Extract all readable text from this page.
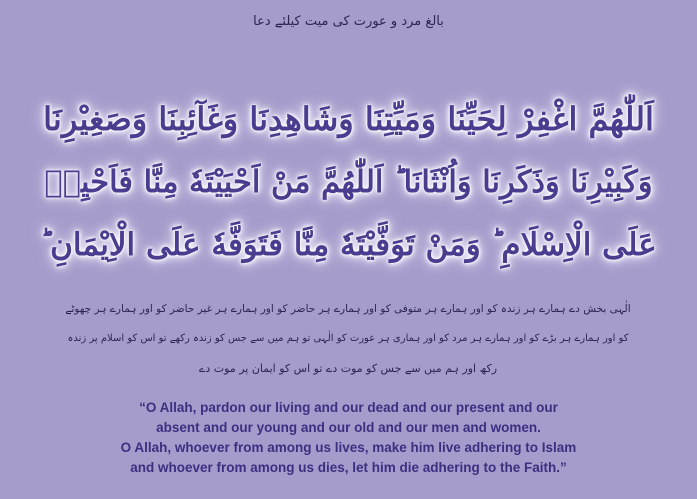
بالغ مرد و عورت کی میت کیلئے دعا
اَللّٰهُمَّ اغْفِرْ لِحَيِّنَا وَمَيِّتِنَا وَشَاهِدِنَا وَغَآئِبِنَا وَصَغِيْرِنَا
وَكَبِيْرِنَا وَذَكَرِنَا وَاُنْثَانَا ؕ اَللّٰهُمَّ مَنْ اَحْيَيْتَهٗ مِنَّا فَاَحْيِهٖ
عَلَى الْاِسْلَامِ ؕ وَمَنْ تَوَفَّيْتَهٗ مِنَّا فَتَوَفَّهٗ عَلَى الْاِيْمَانِ ؕ
الٰہی بخش دے ہمارے ہر زندہ کو اور ہمارے ہر متوفی کو اور ہمارے ہر حاضر کو اور ہمارے ہر غیر حاضر کو اور ہمارے ہر چھوٹے
کو اور ہمارے ہر بڑے کو اور ہمارے ہر مرد کو اور ہماری ہر عورت کو الٰہی تو ہم میں سے جس کو زندہ رکھے تو اس کو اسلام پر زندہ
رکھ اور ہم میں سے جس کو موت دے تو اس کو ایمان پر موت دے
“O Allah, pardon our living and our dead and our present and our
absent and our young and our old and our men and women.
O Allah, whoever from among us lives, make him live adhering to Islam
and whoever from among us dies, let him die adhering to the Faith.”
